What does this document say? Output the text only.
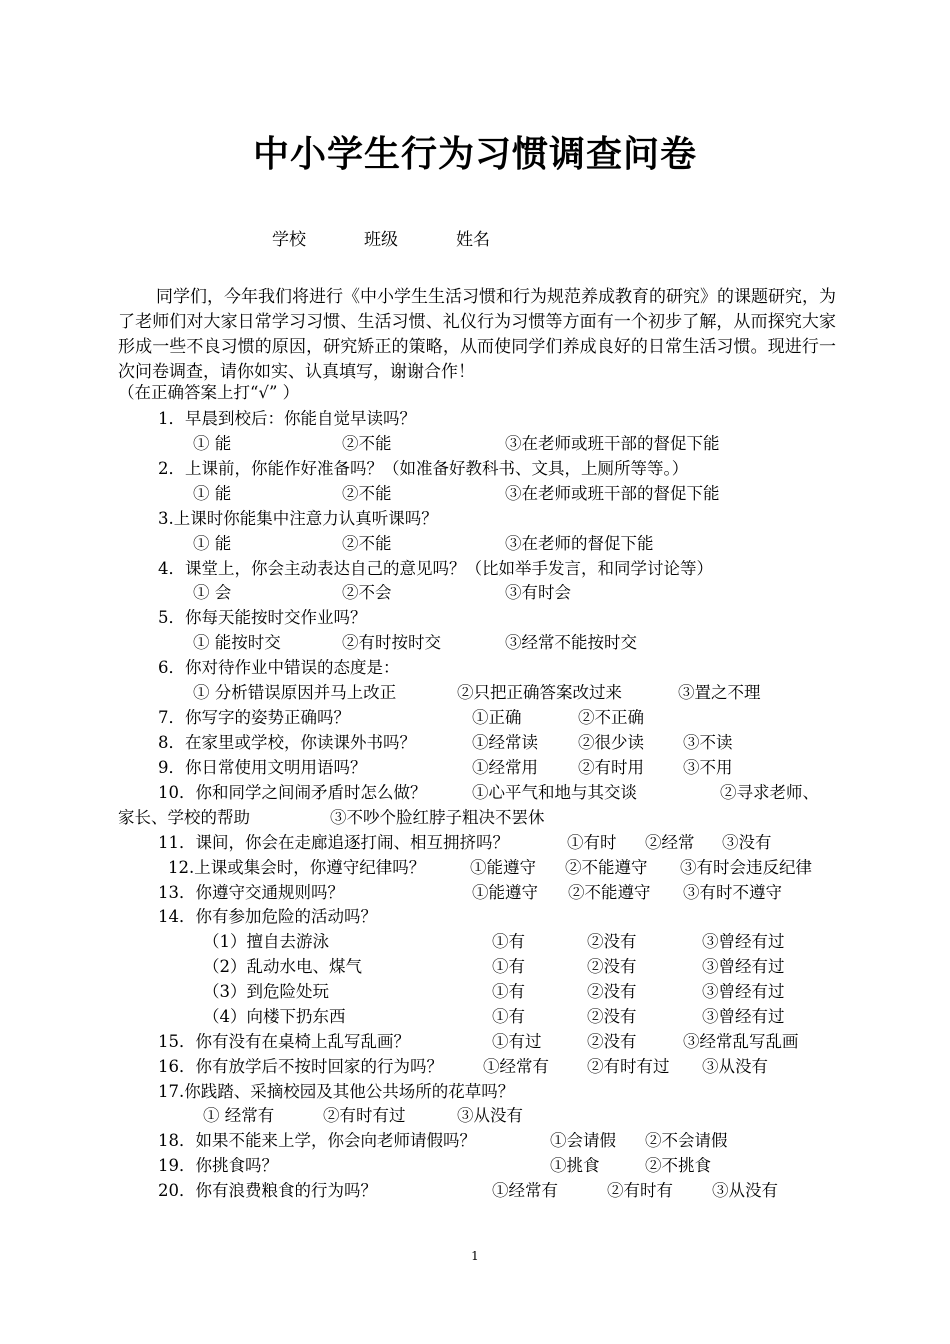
中小学生行为习惯调查问卷
学校	班级	姓名

同学们，今年我们将进行《中小学生生活习惯和行为规范养成教育的研究》的课题研究，为了老师们对大家日常学习习惯、生活习惯、礼仪行为习惯等方面有一个初步了解，从而探究大家形成一些不良习惯的原因，研究矫正的策略，从而使同学们养成良好的日常生活习惯。现进行一次问卷调查，请你如实、认真填写，谢谢合作！

（在正确答案上打“√” ）
1．早晨到校后：你能自觉早读吗？
① 能	②不能	③在老师或班干部的督促下能
2．上课前，你能作好准备吗？（如准备好教科书、文具，上厕所等等。）
① 能	②不能	③在老师或班干部的督促下能
3.上课时你能集中注意力认真听课吗？
① 能	②不能	③在老师的督促下能
4．课堂上，你会主动表达自己的意见吗？（比如举手发言，和同学讨论等）
① 会	②不会	③有时会
5．你每天能按时交作业吗？
① 能按时交	②有时按时交	③经常不能按时交
6．你对待作业中错误的态度是：
① 分析错误原因并马上改正	②只把正确答案改过来	③置之不理
7．你写字的姿势正确吗？	①正确	②不正确
8．在家里或学校，你读课外书吗？	①经常读 ②很少读 ③不读
9．你日常使用文明用语吗？	①经常用 ②有时用 ③不用
10．你和同学之间闹矛盾时怎么做？	①心平气和地与其交谈	②寻求老师、
家长、学校的帮助	③不吵个脸红脖子粗决不罢休
11．课间，你会在走廊追逐打闹、相互拥挤吗？	①有时 ②经常 ③没有
12.上课或集会时，你遵守纪律吗？	①能遵守 ②不能遵守 ③有时会违反纪律
13．你遵守交通规则吗？	①能遵守 ②不能遵守 ③有时不遵守
14．你有参加危险的活动吗？
（1）擅自去游泳	①有	②没有	③曾经有过
（2）乱动水电、煤气	①有	②没有	③曾经有过
（3）到危险处玩	①有	②没有	③曾经有过
（4）向楼下扔东西	①有	②没有	③曾经有过
15．你有没有在桌椅上乱写乱画？	①有过	②没有	③经常乱写乱画
16．你有放学后不按时回家的行为吗？ ①经常有 ②有时有过 ③从没有
17.你践踏、采摘校园及其他公共场所的花草吗？
① 经常有	②有时有过	③从没有
18．如果不能来上学，你会向老师请假吗？	①会请假 ②不会请假
19．你挑食吗？	①挑食	②不挑食
20．你有浪费粮食的行为吗？	①经常有	②有时有 ③从没有
1
